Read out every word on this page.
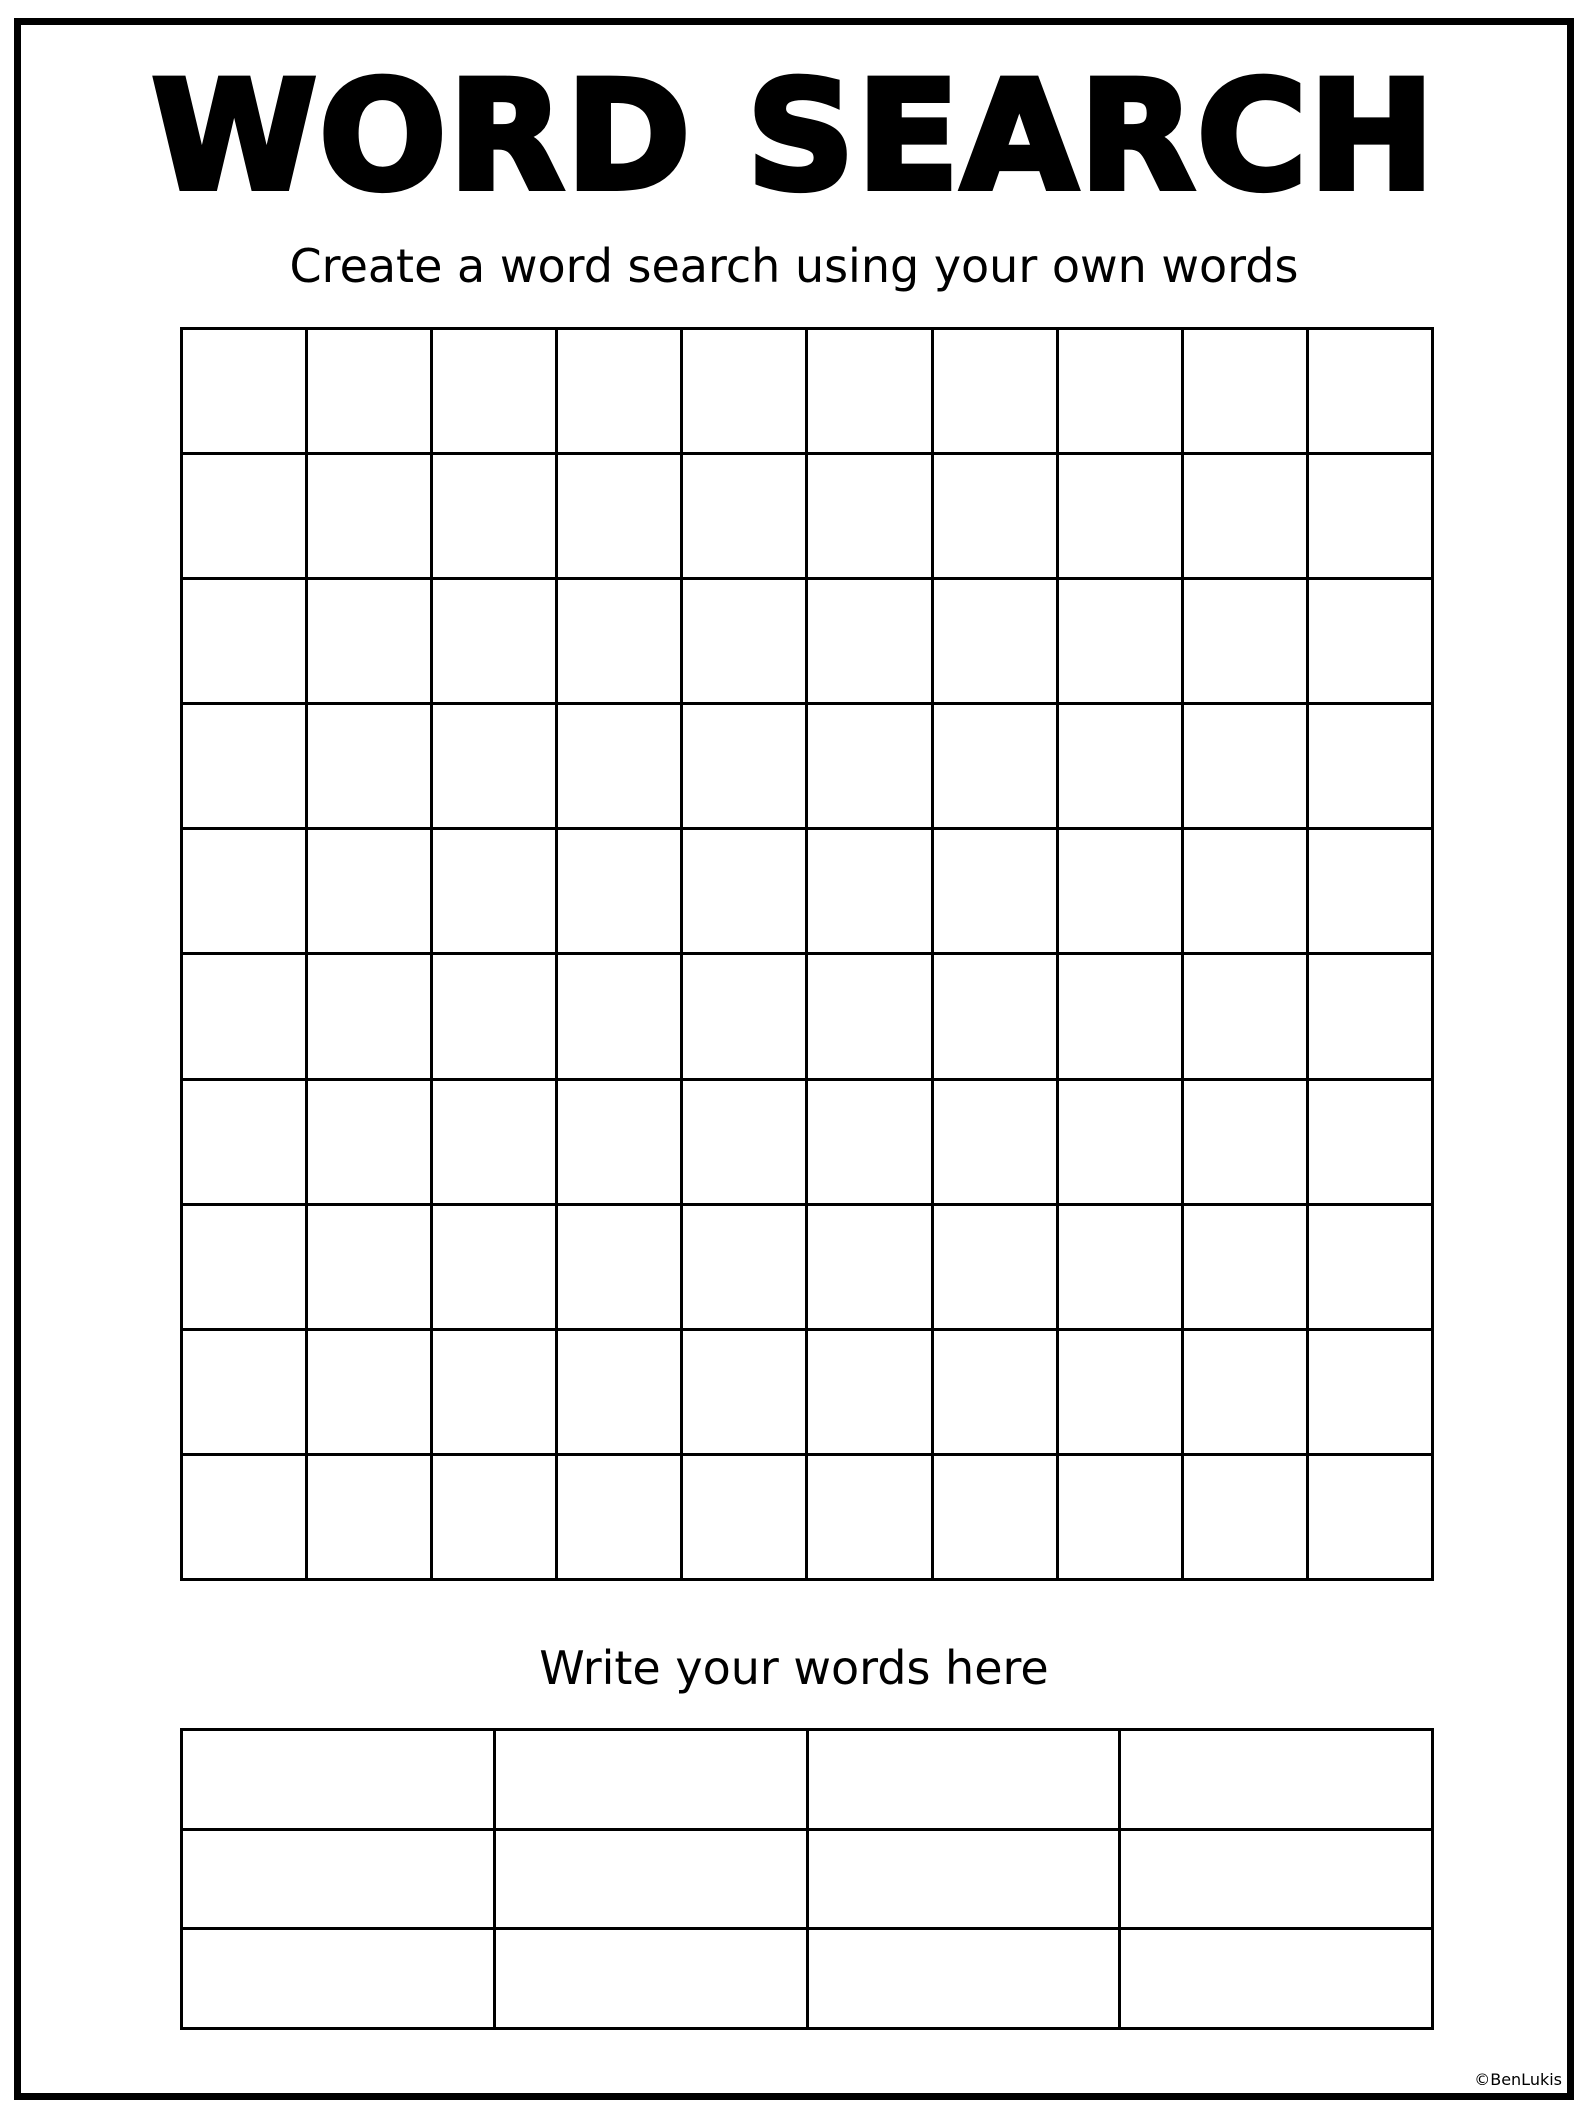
WORD SEARCH
Create a word search using your own words
Write your words here
©BenLukis
